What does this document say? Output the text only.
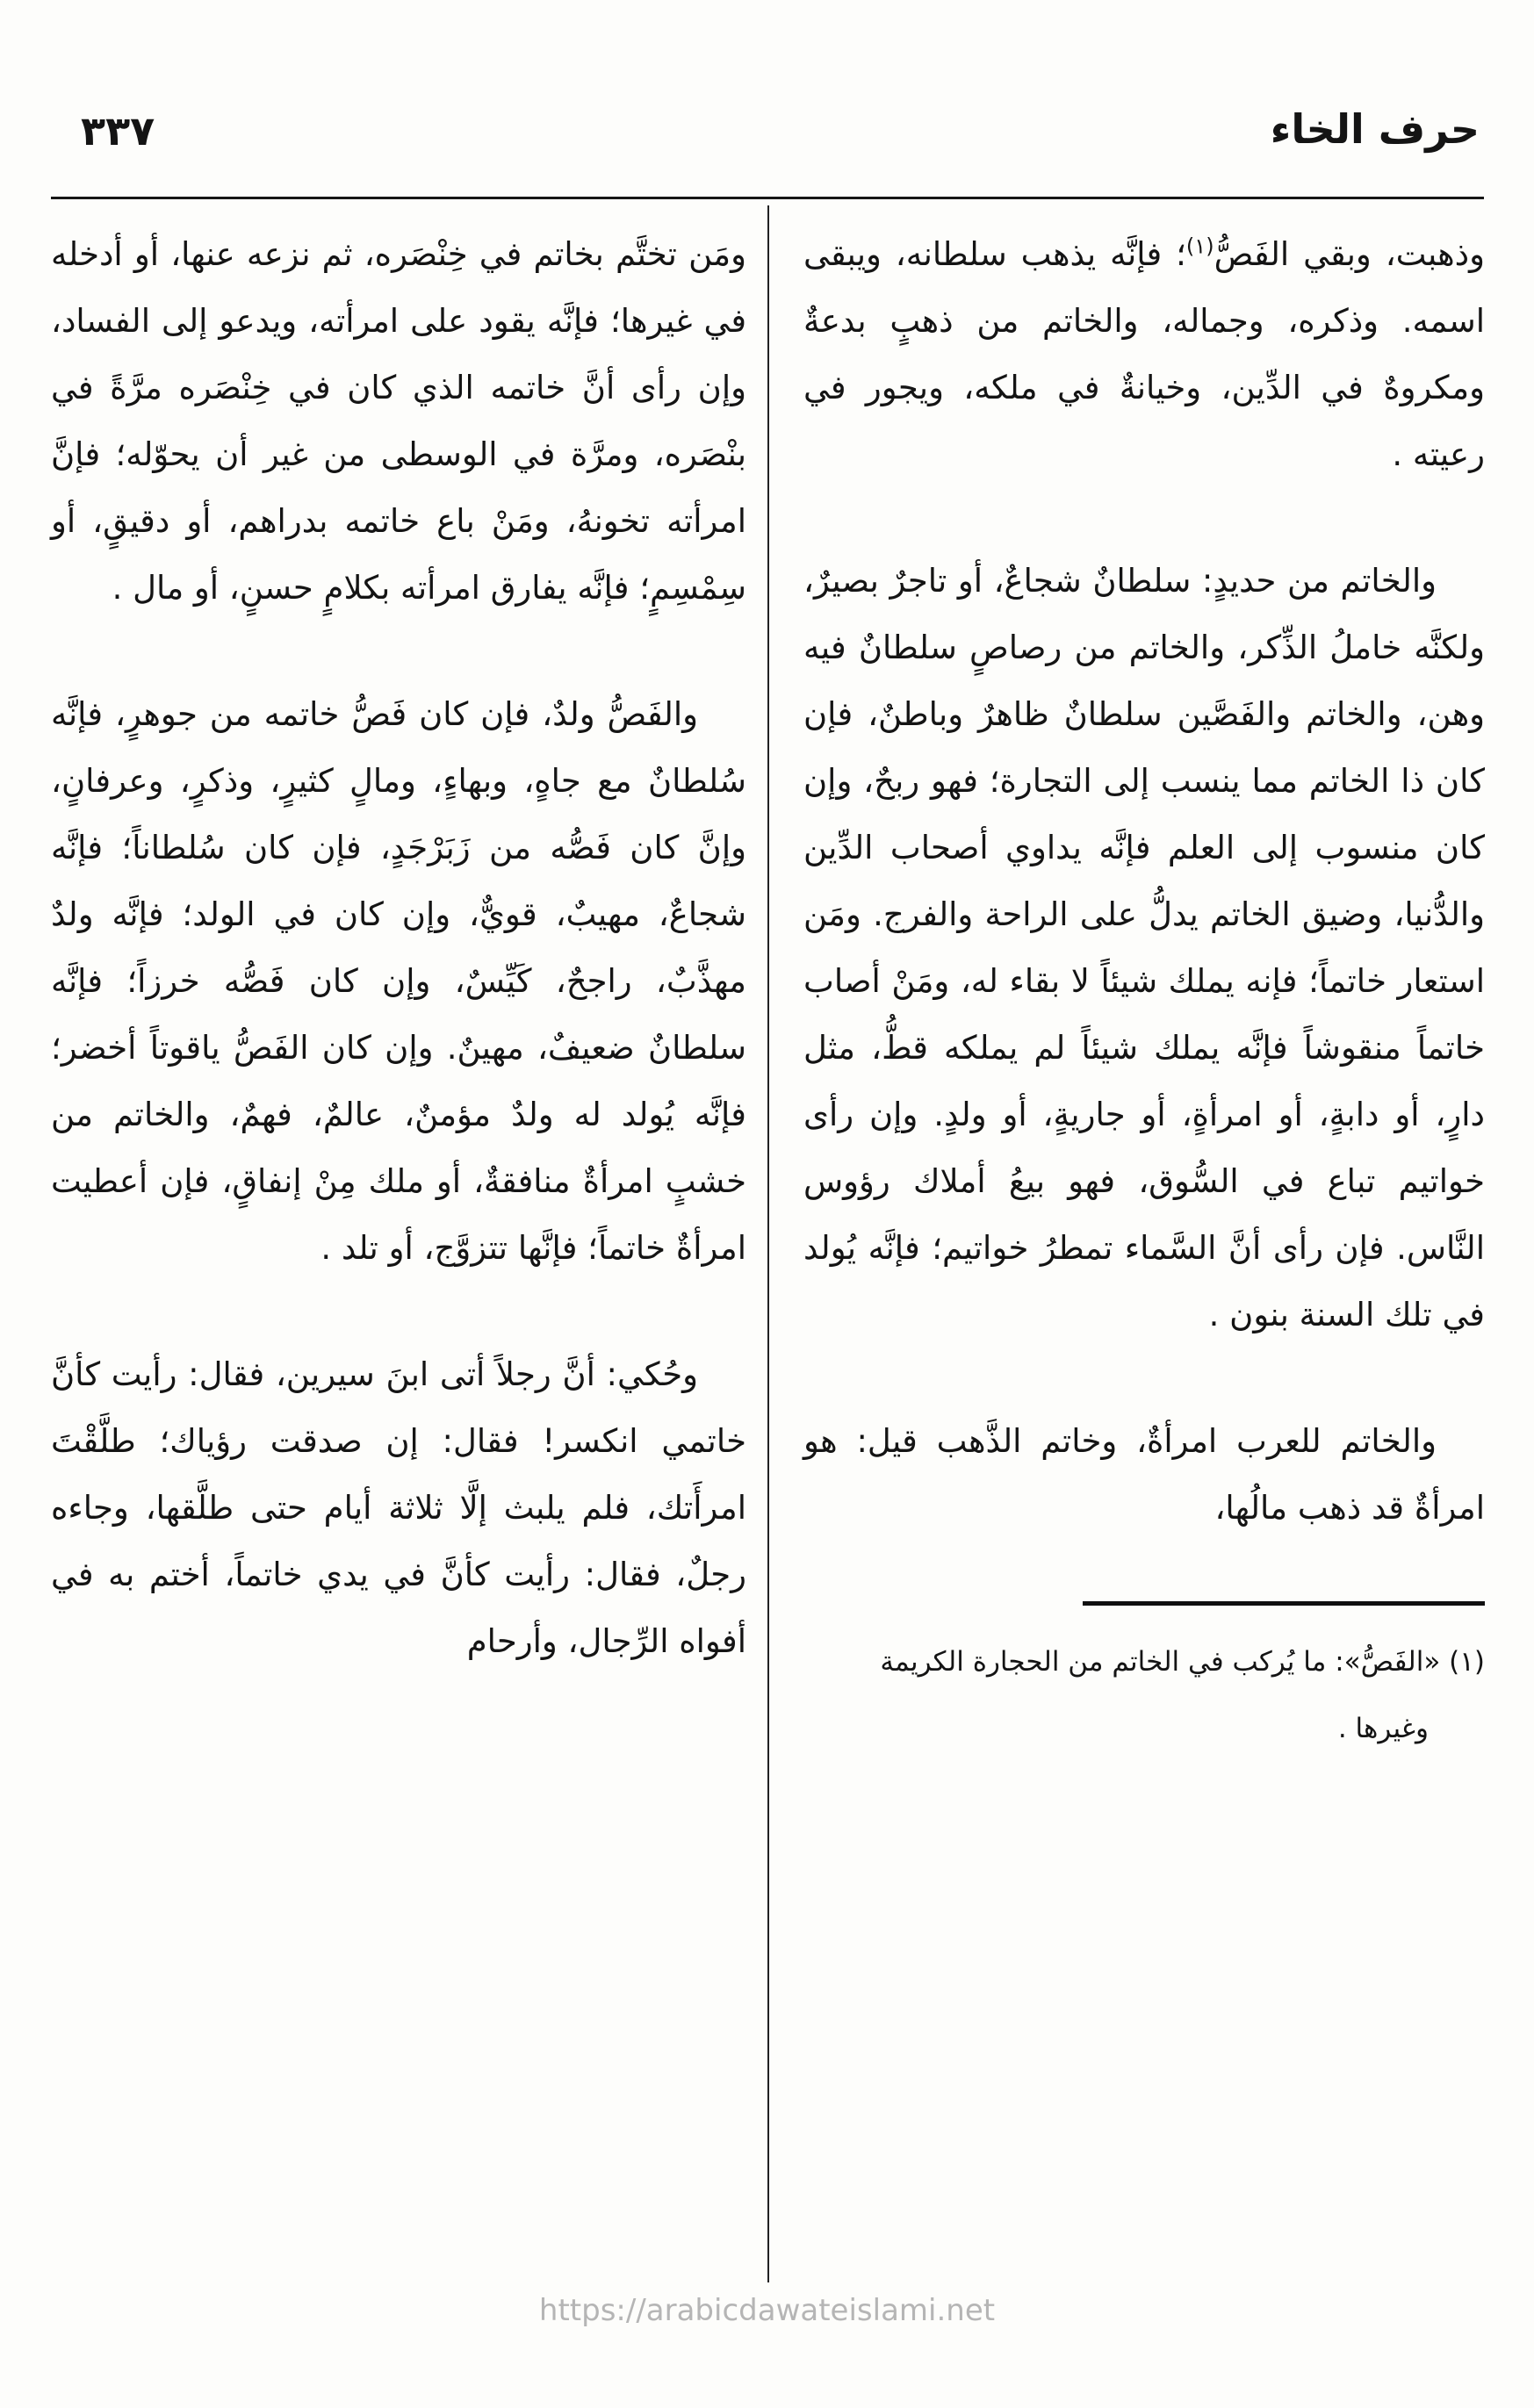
٣٣٧	حرف الخاء

وذهبت، وبقي الفَصُّ$^{(١)}$؛ فإنَّه يذهب سلطانه، ويبقى اسمه. وذكره، وجماله، والخاتم من ذهبٍ بدعةٌ ومكروهٌ في الدِّين، وخيانةٌ في ملكه، ويجور في رعيته .

والخاتم من حديدٍ: سلطانٌ شجاعٌ، أو تاجرٌ بصيرٌ، ولكنَّه خاملُ الذِّكر، والخاتم من رصاصٍ سلطانٌ فيه وهن، والخاتم والفَصَّين سلطانٌ ظاهرٌ وباطنٌ، فإن كان ذا الخاتم مما ينسب إلى التجارة؛ فهو ربحٌ، وإن كان منسوب إلى العلم فإنَّه يداوي أصحاب الدِّين والدُّنيا، وضيق الخاتم يدلُّ على الراحة والفرج. ومَن استعار خاتماً؛ فإنه يملك شيئاً لا بقاء له، ومَنْ أصاب خاتماً منقوشاً فإنَّه يملك شيئاً لم يملكه قطُّ، مثل دارٍ، أو دابةٍ، أو امرأةٍ، أو جاريةٍ، أو ولدٍ. وإن رأى خواتيم تباع في السُّوق، فهو بيعُ أملاك رؤوس النَّاس. فإن رأى أنَّ السَّماء تمطرُ خواتيم؛ فإنَّه يُولد في تلك السنة بنون .

والخاتم للعرب امرأةٌ، وخاتم الذَّهب قيل: هو امرأةٌ قد ذهب مالُها،

(١) «الفَصُّ»: ما يُركب في الخاتم من الحجارة الكريمة وغيرها .

ومَن تختَّم بخاتم في خِنْصَره، ثم نزعه عنها، أو أدخله في غيرها؛ فإنَّه يقود على امرأته، ويدعو إلى الفساد، وإن رأى أنَّ خاتمه الذي كان في خِنْصَره مرَّةً في بنْصَره، ومرَّة في الوسطى من غير أن يحوّله؛ فإنَّ امرأته تخونهُ، ومَنْ باع خاتمه بدراهم، أو دقيقٍ، أو سِمْسِمٍ؛ فإنَّه يفارق امرأته بكلامٍ حسنٍ، أو مال .

والفَصُّ ولدٌ، فإن كان فَصُّ خاتمه من جوهرٍ، فإنَّه سُلطانٌ مع جاهٍ، وبهاءٍ، ومالٍ كثيرٍ، وذكرٍ، وعرفانٍ، وإنَّ كان فَصُّه من زَبَرْجَدٍ، فإن كان سُلطاناً؛ فإنَّه شجاعٌ، مهيبٌ، قويٌّ، وإن كان في الولد؛ فإنَّه ولدٌ مهذَّبٌ، راجحٌ، كَيِّسٌ، وإن كان فَصُّه خرزاً؛ فإنَّه سلطانٌ ضعيفٌ، مهينٌ. وإن كان الفَصُّ ياقوتاً أخضر؛ فإنَّه يُولد له ولدٌ مؤمنٌ، عالمٌ، فهمٌ، والخاتم من خشبٍ امرأةٌ منافقةٌ، أو ملك مِنْ إنفاقٍ، فإن أعطيت امرأةٌ خاتماً؛ فإنَّها تتزوَّج، أو تلد .

وحُكي: أنَّ رجلاً أتى ابنَ سيرين، فقال: رأيت كأنَّ خاتمي انكسر! فقال: إن صدقت رؤياك؛ طلَّقْتَ امرأَتك، فلم يلبث إلَّا ثلاثة أيام حتى طلَّقها، وجاءه رجلٌ، فقال: رأيت كأنَّ في يدي خاتماً، أختم به في أفواه الرِّجال، وأرحام

https://arabicdawateislami.net
